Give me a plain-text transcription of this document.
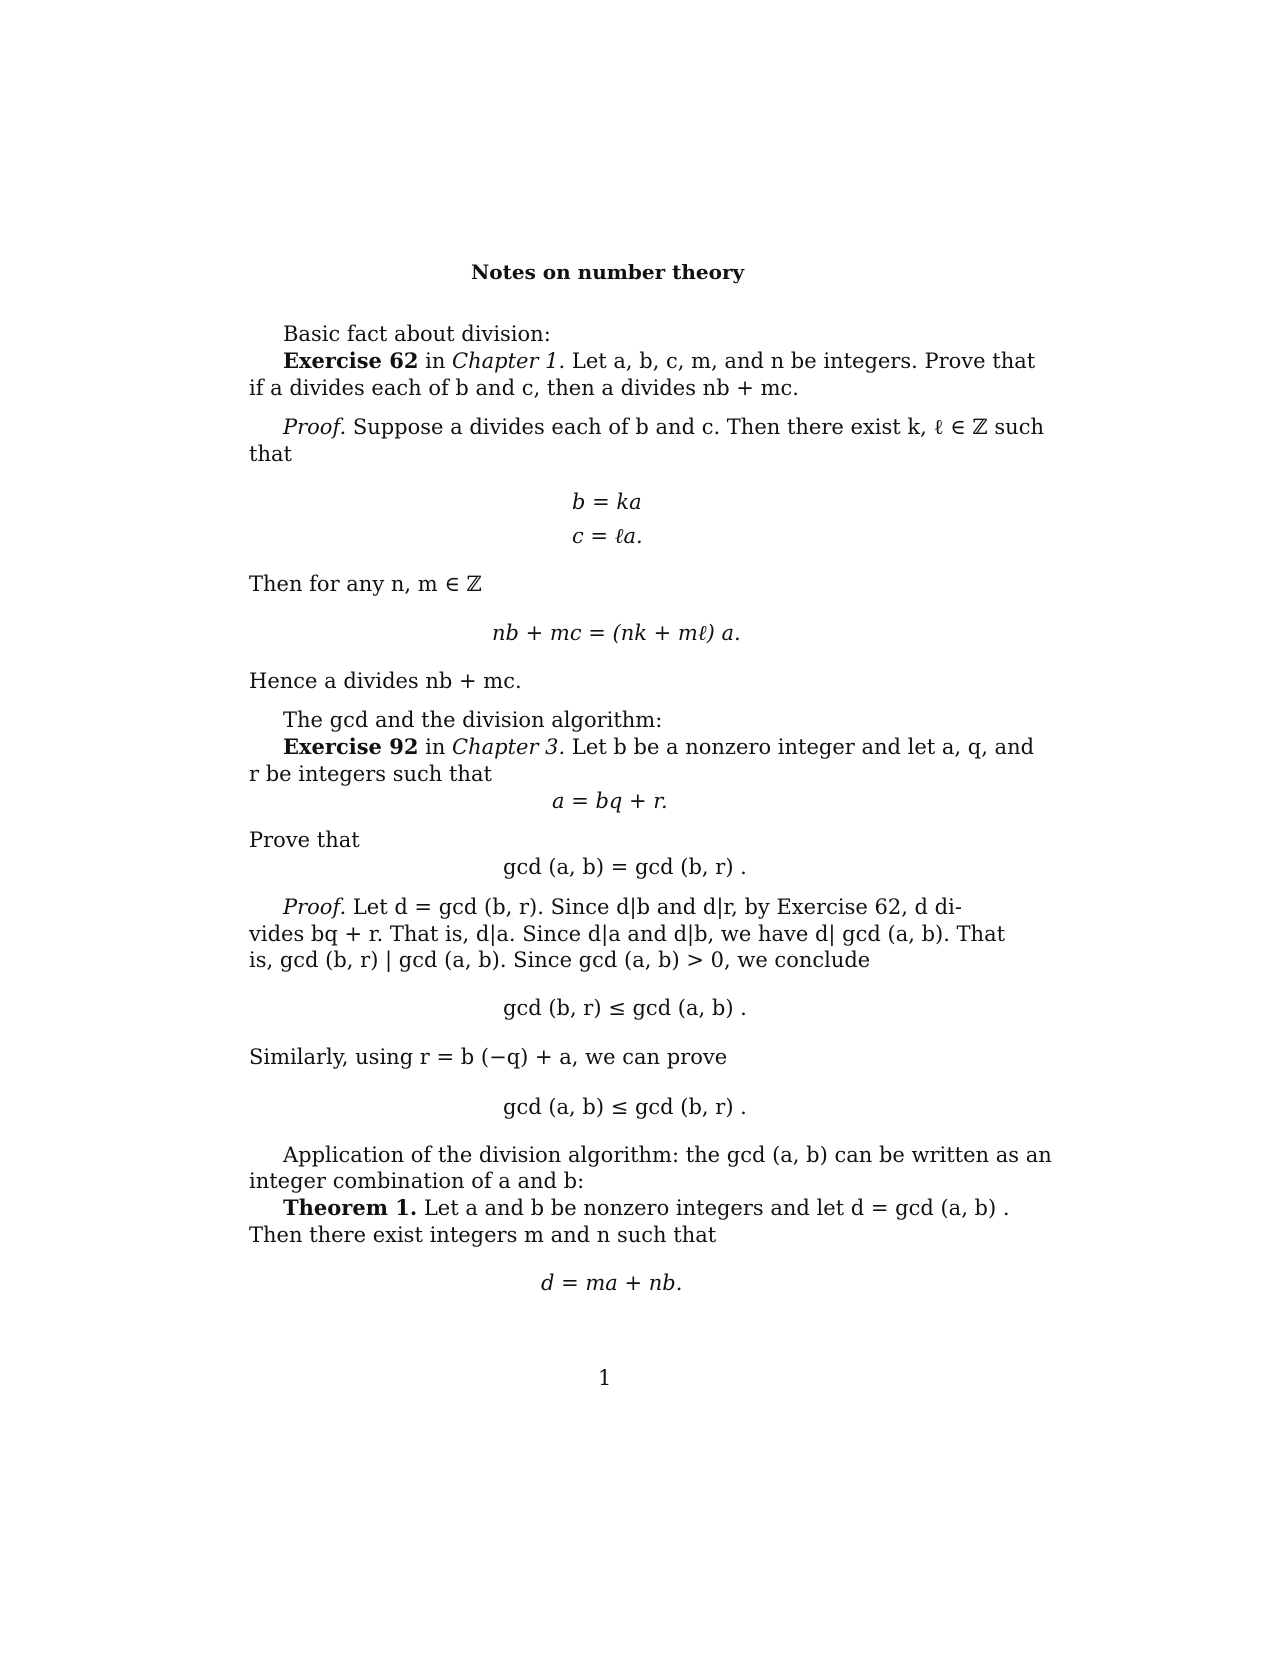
Notes on number theory

Basic fact about division:

Exercise 62 in Chapter 1. Let a, b, c, m, and n be integers. Prove that

if a divides each of b and c, then a divides nb + mc.

Proof. Suppose a divides each of b and c. Then there exist k, ℓ ∈ ℤ such

that

b = ka

c = ℓa.

Then for any n, m ∈ ℤ

nb + mc = (nk + mℓ) a.

Hence a divides nb + mc.

The gcd and the division algorithm:

Exercise 92 in Chapter 3. Let b be a nonzero integer and let a, q, and

r be integers such that

a = bq + r.

Prove that

gcd (a, b) = gcd (b, r) .

Proof. Let d = gcd (b, r). Since d|b and d|r, by Exercise 62, d di-

vides bq + r. That is, d|a. Since d|a and d|b, we have d| gcd (a, b). That

is, gcd (b, r) | gcd (a, b). Since gcd (a, b) > 0, we conclude

gcd (b, r) ≤ gcd (a, b) .

Similarly, using r = b (−q) + a, we can prove

gcd (a, b) ≤ gcd (b, r) .

Application of the division algorithm: the gcd (a, b) can be written as an

integer combination of a and b:

Theorem 1. Let a and b be nonzero integers and let d = gcd (a, b) .

Then there exist integers m and n such that

d = ma + nb.

1
